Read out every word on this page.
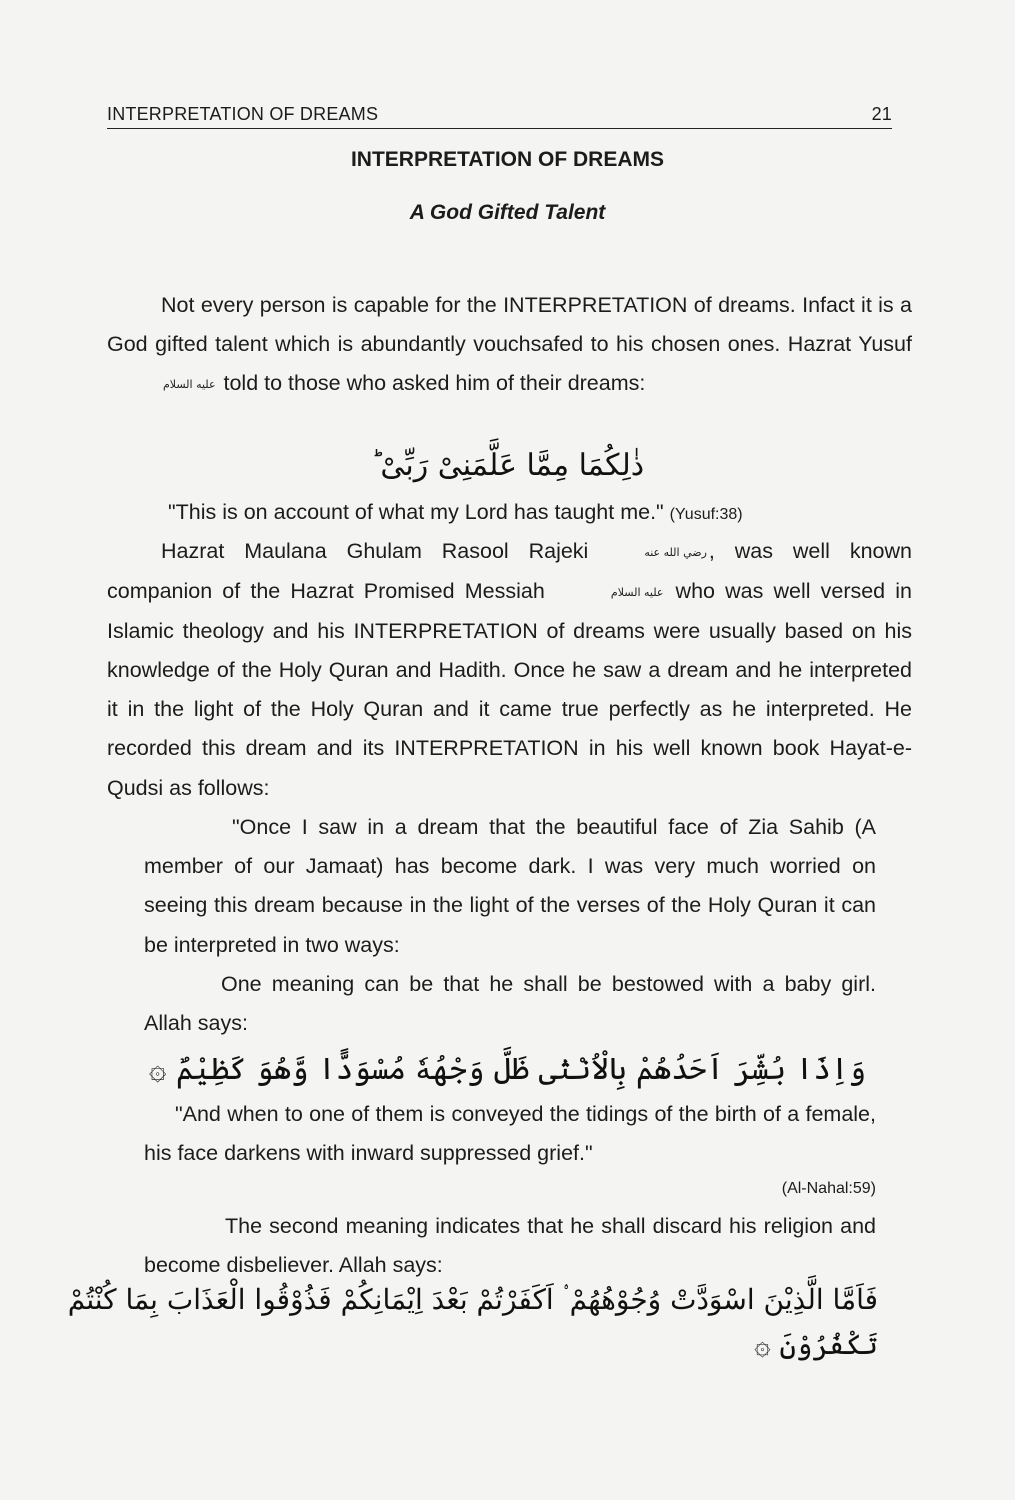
INTERPRETATION OF DREAMS	21
INTERPRETATION OF DREAMS
A God Gifted Talent

Not every person is capable for the INTERPRETATION of dreams. Infact it is a God gifted talent which is abundantly vouchsafed to his chosen ones. Hazrat Yusuf عليه السلام told to those who asked him of their dreams:

ذٰلِكُمَا مِمَّا عَلَّمَنِىْ رَبِّىْ ؕ

"This is on account of what my Lord has taught me." (Yusuf:38)

Hazrat Maulana Ghulam Rasool Rajeki	رضي الله عنه, was well known companion of the Hazrat Promised Messiah	عليه السلام who was well versed in Islamic theology and his INTERPRETATION of dreams were usually based on his knowledge of the Holy Quran and Hadith. Once he saw a dream and he interpreted it in the light of the Holy Quran and it came true perfectly as he interpreted. He recorded this dream and its INTERPRETATION in his well known book Hayat-e-Qudsi as follows:

"Once I saw in a dream that the beautiful face of Zia Sahib (A member of our Jamaat) has become dark. I was very much worried on seeing this dream because in the light of the verses of the Holy Quran it can be interpreted in two ways:
One meaning can be that he shall be bestowed with a baby girl. Allah says:
وَاِذَا بُشِّرَ اَحَدُهُمْ بِالْاُنْثٰى ظَلَّ وَجْهُهٗ مُسْوَدًّا وَّهُوَ كَظِيْمٌ ۞
"And when to one of them is conveyed the tidings of the birth of a female, his face darkens with inward suppressed grief."
(Al-Nahal:59)
The second meaning indicates that he shall discard his religion and become disbeliever. Allah says:
فَاَمَّا الَّذِيْنَ اسْوَدَّتْ وُجُوْهُهُمْ ۟ اَكَفَرْتُمْ بَعْدَ اِيْمَانِكُمْ فَذُوْقُوا الْعَذَابَ بِمَا كُنْتُمْ
تَكْفُرُوْنَ ۞
